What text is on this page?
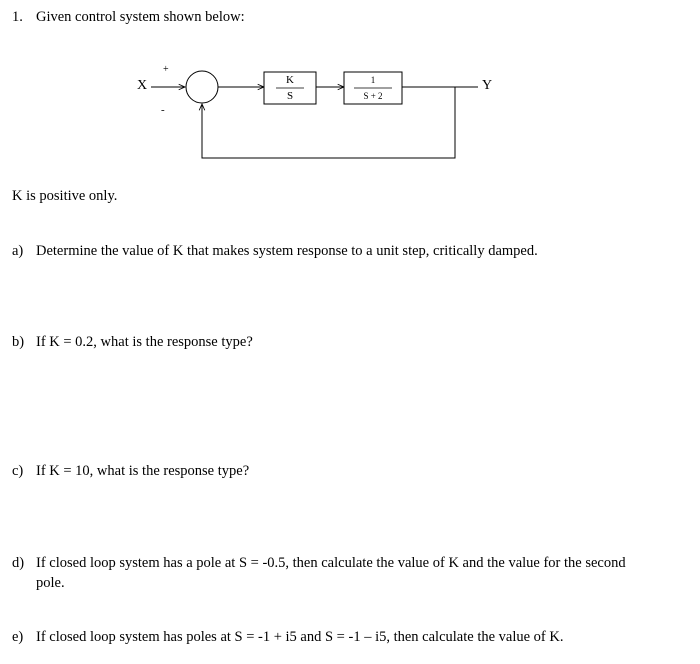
1. Given control system shown below:
X	Y
+
-
K
S
1
S + 2
K is positive only.
a) Determine the value of K that makes system response to a unit step, critically damped.
b) If K = 0.2, what is the response type?
c) If K = 10, what is the response type?
d) If closed loop system has a pole at S = -0.5, then calculate the value of K and the value for the second
pole.
e) If closed loop system has poles at S = -1 + i5 and S = -1 – i5, then calculate the value of K.
